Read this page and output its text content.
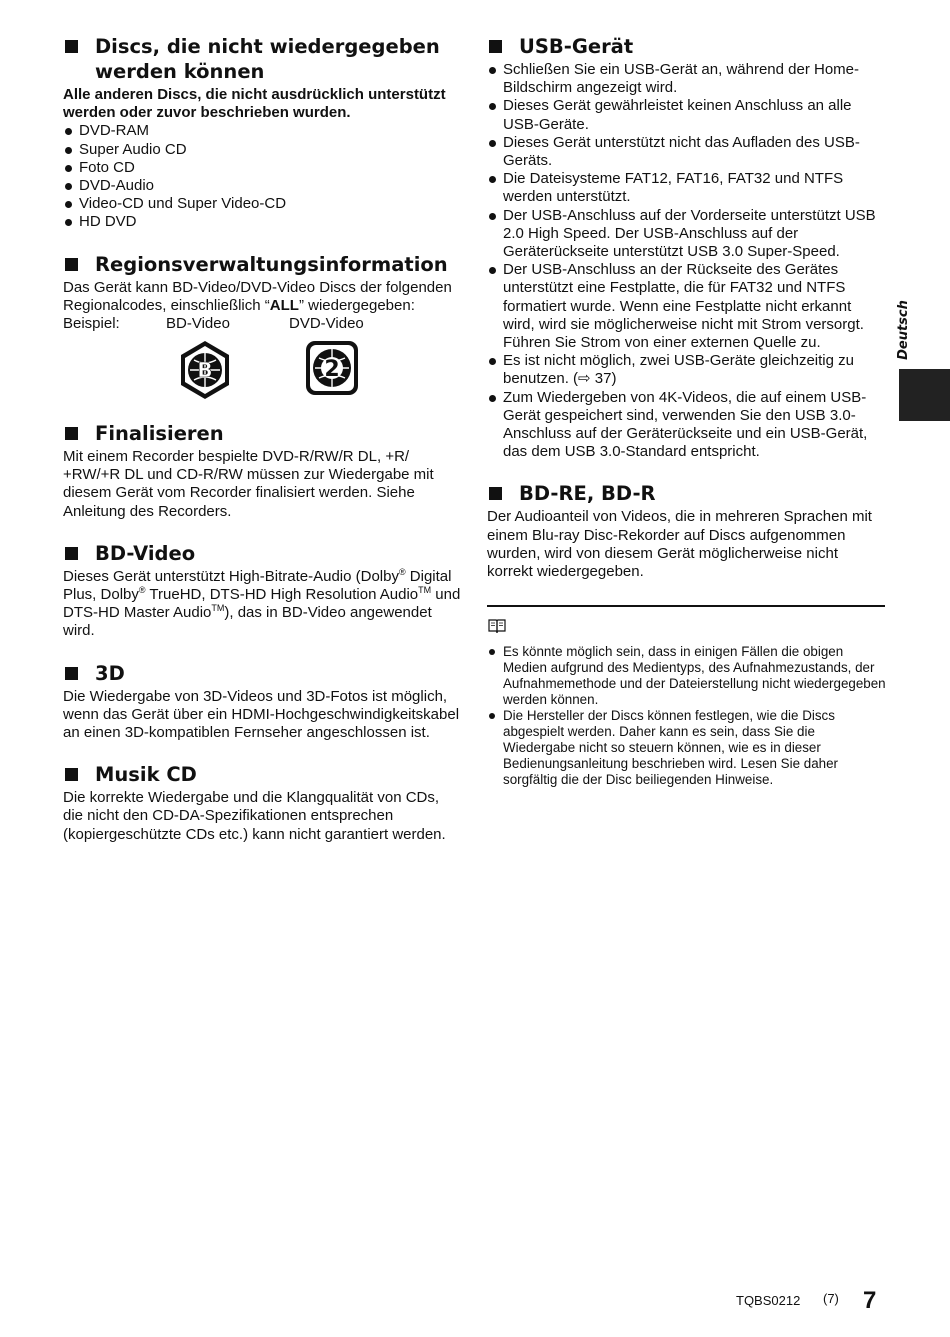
Discs, die nicht wiedergegeben
werden können

Alle anderen Discs, die nicht ausdrücklich unterstützt werden oder zuvor beschrieben wurden.

DVD-RAM
Super Audio CD
Foto CD
DVD-Audio
Video-CD und Super Video-CD
HD DVD
Regionsverwaltungsinformation

Das Gerät kann BD-Video/DVD-Video Discs der folgenden Regionalcodes, einschließlich “ALL” wiedergegeben:

Beispiel:	BD-Video	DVD-Video
B	2
Finalisieren

Mit einem Recorder bespielte DVD-R/RW/R DL, +R/ +RW/+R DL und CD-R/RW müssen zur Wiedergabe mit diesem Gerät vom Recorder finalisiert werden. Siehe Anleitung des Recorders.

BD-Video

Dieses Gerät unterstützt High-Bitrate-Audio (Dolby® Digital Plus, Dolby® TrueHD, DTS-HD High Resolution Audio™ und DTS-HD Master Audio™), das in BD-Video angewendet wird.

3D

Die Wiedergabe von 3D-Videos und 3D-Fotos ist möglich, wenn das Gerät über ein HDMI-Hochgeschwindigkeitskabel an einen 3D-kompatiblen Fernseher angeschlossen ist.

Musik CD

Die korrekte Wiedergabe und die Klangqualität von CDs, die nicht den CD-DA-Spezifikationen entsprechen (kopiergeschützte CDs etc.) kann nicht garantiert werden.

USB-Gerät
Schließen Sie ein USB-Gerät an, während der Home-Bildschirm angezeigt wird.
Dieses Gerät gewährleistet keinen Anschluss an alle USB-Geräte.
Dieses Gerät unterstützt nicht das Aufladen des USB-Geräts.
Die Dateisysteme FAT12, FAT16, FAT32 und NTFS werden unterstützt.
Der USB-Anschluss auf der Vorderseite unterstützt USB 2.0 High Speed. Der USB-Anschluss auf der Geräterückseite unterstützt USB 3.0 Super-Speed.
Der USB-Anschluss an der Rückseite des Gerätes unterstützt eine Festplatte, die für FAT32 und NTFS formatiert wurde. Wenn eine Festplatte nicht erkannt wird, wird sie möglicherweise nicht mit Strom versorgt. Führen Sie Strom von einer externen Quelle zu.
Es ist nicht möglich, zwei USB-Geräte gleichzeitig zu benutzen. (⇨ 37)
Zum Wiedergeben von 4K-Videos, die auf einem USB-Gerät gespeichert sind, verwenden Sie den USB 3.0-Anschluss auf der Geräterückseite und ein USB-Gerät, das dem USB 3.0-Standard entspricht.
BD-RE, BD-R

Der Audioanteil von Videos, die in mehreren Sprachen mit einem Blu-ray Disc-Rekorder auf Discs aufgenommen wurden, wird von diesem Gerät möglicherweise nicht korrekt wiedergegeben.

Es könnte möglich sein, dass in einigen Fällen die obigen Medien aufgrund des Medientyps, des Aufnahmezustands, der Aufnahmemethode und der Dateierstellung nicht wiedergegeben werden können.
Die Hersteller der Discs können festlegen, wie die Discs abgespielt werden. Daher kann es sein, dass Sie die Wiedergabe nicht so steuern können, wie es in dieser Bedienungsanleitung beschrieben wird. Lesen Sie daher sorgfältig die der Disc beiliegenden Hinweise.
Deutsch
TQBS0212 (7) 7
